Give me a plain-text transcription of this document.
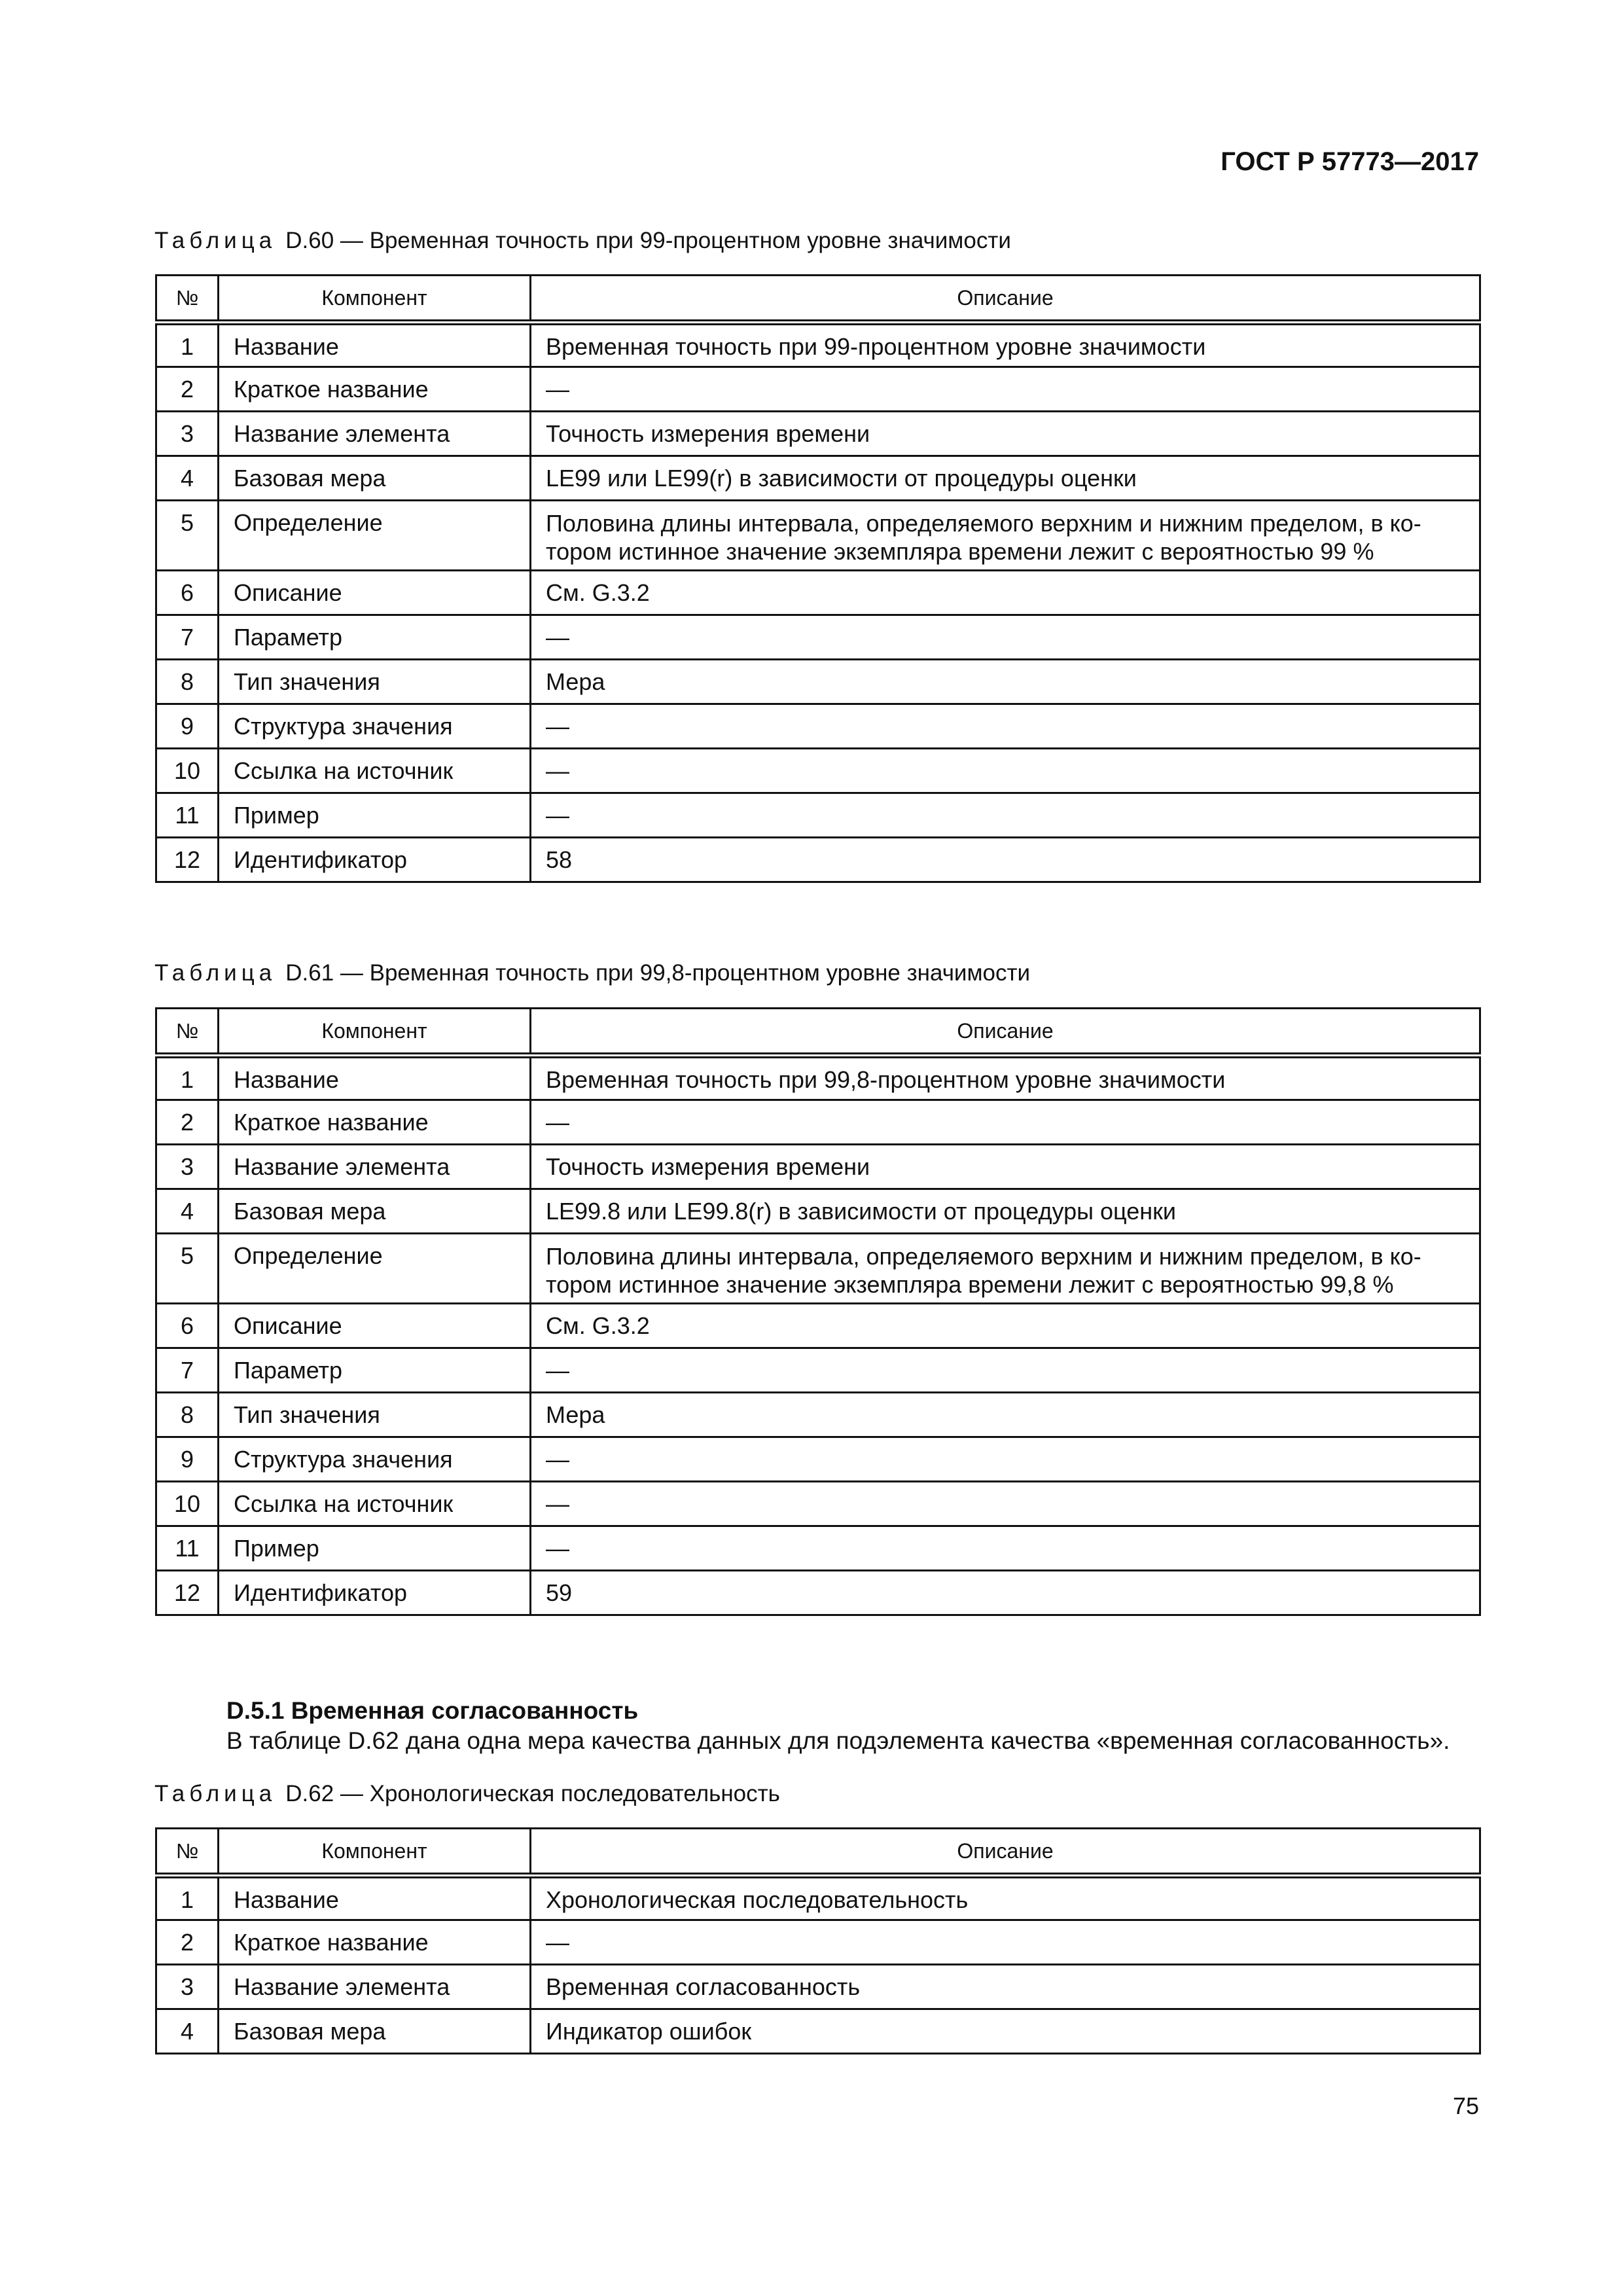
ГОСТ Р 57773—2017
Таблица D.60 — Временная точность при 99-процентном уровне значимости
№	Компонент	Описание
1	Название	Временная точность при 99-процентном уровне значимости
2	Краткое название	—
3	Название элемента	Точность измерения времени
4	Базовая мера	LE99 или LE99(r) в зависимости от процедуры оценки
5	Определение	Половина длины интервала, определяемого верхним и нижним пределом, в ко-
тором истинное значение экземпляра времени лежит с вероятностью 99 %
6	Описание	См. G.3.2
7	Параметр	—
8	Тип значения	Мера
9	Структура значения	—
10	Ссылка на источник	—
11	Пример	—
12	Идентификатор	58
Таблица D.61 — Временная точность при 99,8-процентном уровне значимости
№	Компонент	Описание
1	Название	Временная точность при 99,8-процентном уровне значимости
2	Краткое название	—
3	Название элемента	Точность измерения времени
4	Базовая мера	LE99.8 или LE99.8(r) в зависимости от процедуры оценки
5	Определение	Половина длины интервала, определяемого верхним и нижним пределом, в ко-
тором истинное значение экземпляра времени лежит с вероятностью 99,8 %
6	Описание	См. G.3.2
7	Параметр	—
8	Тип значения	Мера
9	Структура значения	—
10	Ссылка на источник	—
11	Пример	—
12	Идентификатор	59
D.5.1 Временная согласованность
В таблице D.62 дана одна мера качества данных для подэлемента качества «временная согласованность».
Таблица D.62 — Хронологическая последовательность
№	Компонент	Описание
1	Название	Хронологическая последовательность
2	Краткое название	—
3	Название элемента	Временная согласованность
4	Базовая мера	Индикатор ошибок
75
